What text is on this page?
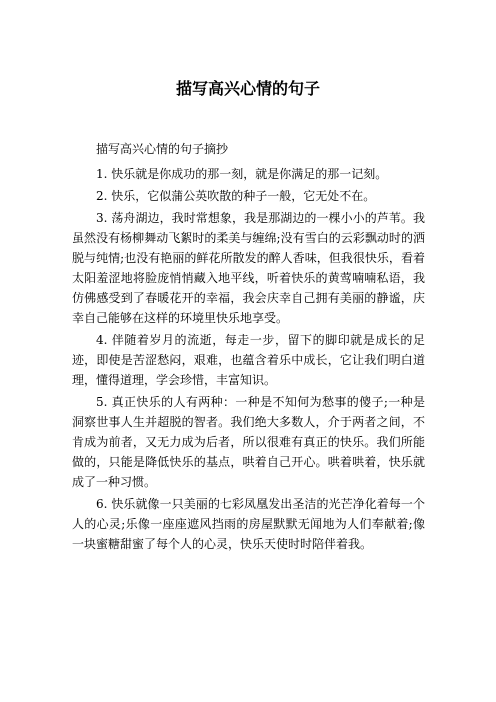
描写高兴心情的句子

描写高兴心情的句子摘抄

1. 快乐就是你成功的那一刻，就是你满足的那一记刻。

2. 快乐，它似蒲公英吹散的种子一般，它无处不在。

3. 荡舟湖边，我时常想象，我是那湖边的一棵小小的芦苇。我虽然没有杨柳舞动飞絮时的柔美与缠绵;没有雪白的云彩飘动时的洒脱与纯情;也没有艳丽的鲜花所散发的醉人香味，但我很快乐，看着太阳羞涩地将脸庞悄悄藏入地平线，听着快乐的黄莺喃喃私语，我仿佛感受到了春暖花开的幸福，我会庆幸自己拥有美丽的静谧，庆幸自己能够在这样的环境里快乐地享受。

4. 伴随着岁月的流逝，每走一步，留下的脚印就是成长的足迹，即使是苦涩愁闷，艰难，也蕴含着乐中成长，它让我们明白道理，懂得道理，学会珍惜，丰富知识。

5. 真正快乐的人有两种：一种是不知何为愁事的傻子;一种是洞察世事人生并超脱的智者。我们绝大多数人，介于两者之间，不肯成为前者，又无力成为后者，所以很难有真正的快乐。我们所能做的，只能是降低快乐的基点，哄着自己开心。哄着哄着，快乐就成了一种习惯。

6. 快乐就像一只美丽的七彩凤凰发出圣洁的光芒净化着每一个人的心灵;乐像一座座遮风挡雨的房屋默默无闻地为人们奉献着;像一块蜜糖甜蜜了每个人的心灵，快乐天使时时陪伴着我。
